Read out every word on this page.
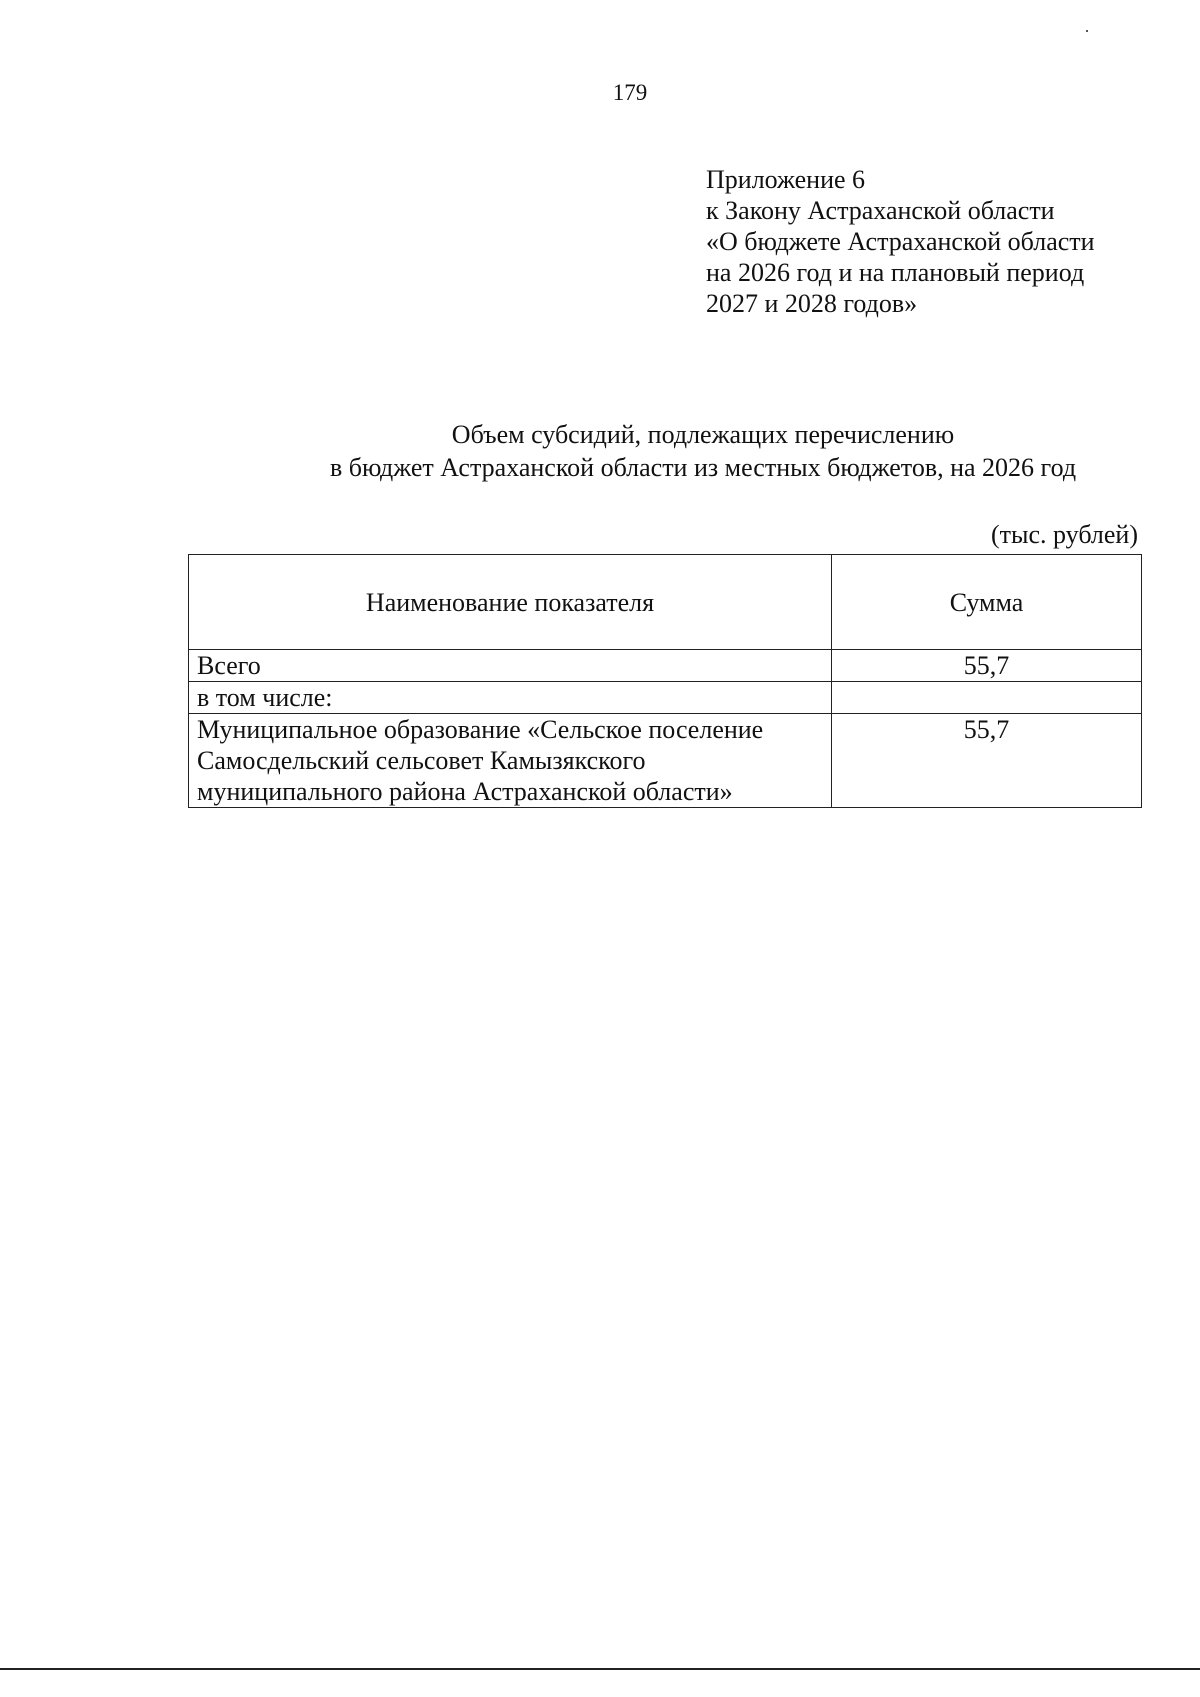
179
Приложение 6
к Закону Астраханской области
«О бюджете Астраханской области
на 2026 год и на плановый период
2027 и 2028 годов»
Объем субсидий, подлежащих перечислению
в бюджет Астраханской области из местных бюджетов, на 2026 год
(тыс. рублей)
Наименование показателя	Сумма
Всего	55,7
в том числе:	
Муниципальное образование «Сельское поселение Самосдельский сельсовет Камызякского муниципального района Астраханской области»	55,7
